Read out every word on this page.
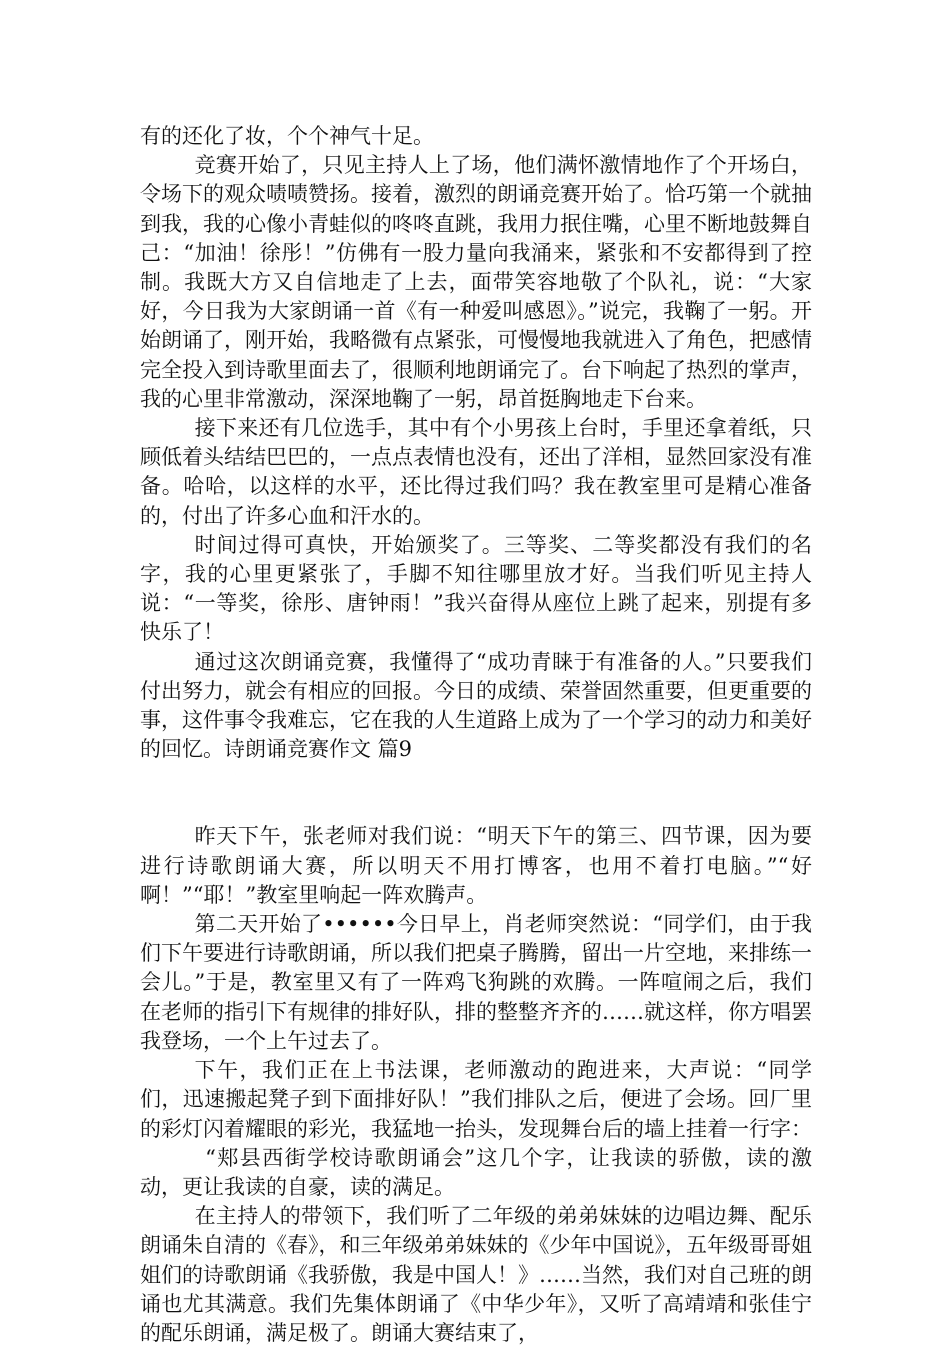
有的还化了妆，个个神气十足。

竞赛开始了，只见主持人上了场，他们满怀激情地作了个开场白，令场下的观众啧啧赞扬。接着，激烈的朗诵竞赛开始了。恰巧第一个就抽到我，我的心像小青蛙似的咚咚直跳，我用力抿住嘴，心里不断地鼓舞自己：“加油！徐彤！”仿佛有一股力量向我涌来，紧张和不安都得到了控制。我既大方又自信地走了上去，面带笑容地敬了个队礼，说：“大家好，今日我为大家朗诵一首《有一种爱叫感恩》。”说完，我鞠了一躬。开始朗诵了，刚开始，我略微有点紧张，可慢慢地我就进入了角色，把感情完全投入到诗歌里面去了，很顺利地朗诵完了。台下响起了热烈的掌声，我的心里非常激动，深深地鞠了一躬，昂首挺胸地走下台来。

接下来还有几位选手，其中有个小男孩上台时，手里还拿着纸，只顾低着头结结巴巴的，一点点表情也没有，还出了洋相，显然回家没有准备。哈哈，以这样的水平，还比得过我们吗？我在教室里可是精心准备的，付出了许多心血和汗水的。

时间过得可真快，开始颁奖了。三等奖、二等奖都没有我们的名字，我的心里更紧张了，手脚不知往哪里放才好。当我们听见主持人说：“一等奖，徐彤、唐钟雨！”我兴奋得从座位上跳了起来，别提有多快乐了！

通过这次朗诵竞赛，我懂得了“成功青睐于有准备的人。”只要我们付出努力，就会有相应的回报。今日的成绩、荣誉固然重要，但更重要的事，这件事令我难忘，它在我的人生道路上成为了一个学习的动力和美好的回忆。诗朗诵竞赛作文 篇9

昨天下午，张老师对我们说：“明天下午的第三、四节课，因为要进行诗歌朗诵大赛，所以明天不用打博客，也用不着打电脑。”“好啊！”“耶！”教室里响起一阵欢腾声。

第二天开始了••••••今日早上，肖老师突然说：“同学们，由于我们下午要进行诗歌朗诵，所以我们把桌子腾腾，留出一片空地，来排练一会儿。”于是，教室里又有了一阵鸡飞狗跳的欢腾。一阵喧闹之后，我们在老师的指引下有规律的排好队，排的整整齐齐的……就这样，你方唱罢我登场，一个上午过去了。

下午，我们正在上书法课，老师激动的跑进来，大声说：“同学们，迅速搬起凳子到下面排好队！”我们排队之后，便进了会场。回厂里的彩灯闪着耀眼的彩光，我猛地一抬头，发现舞台后的墙上挂着一行字：

“郏县西街学校诗歌朗诵会”这几个字，让我读的骄傲，读的激动，更让我读的自豪，读的满足。

在主持人的带领下，我们听了二年级的弟弟妹妹的边唱边舞、配乐朗诵朱自清的《春》，和三年级弟弟妹妹的《少年中国说》，五年级哥哥姐姐们的诗歌朗诵《我骄傲，我是中国人！》……当然，我们对自己班的朗诵也尤其满意。我们先集体朗诵了《中华少年》，又听了高靖靖和张佳宁的配乐朗诵，满足极了。朗诵大赛结束了，
